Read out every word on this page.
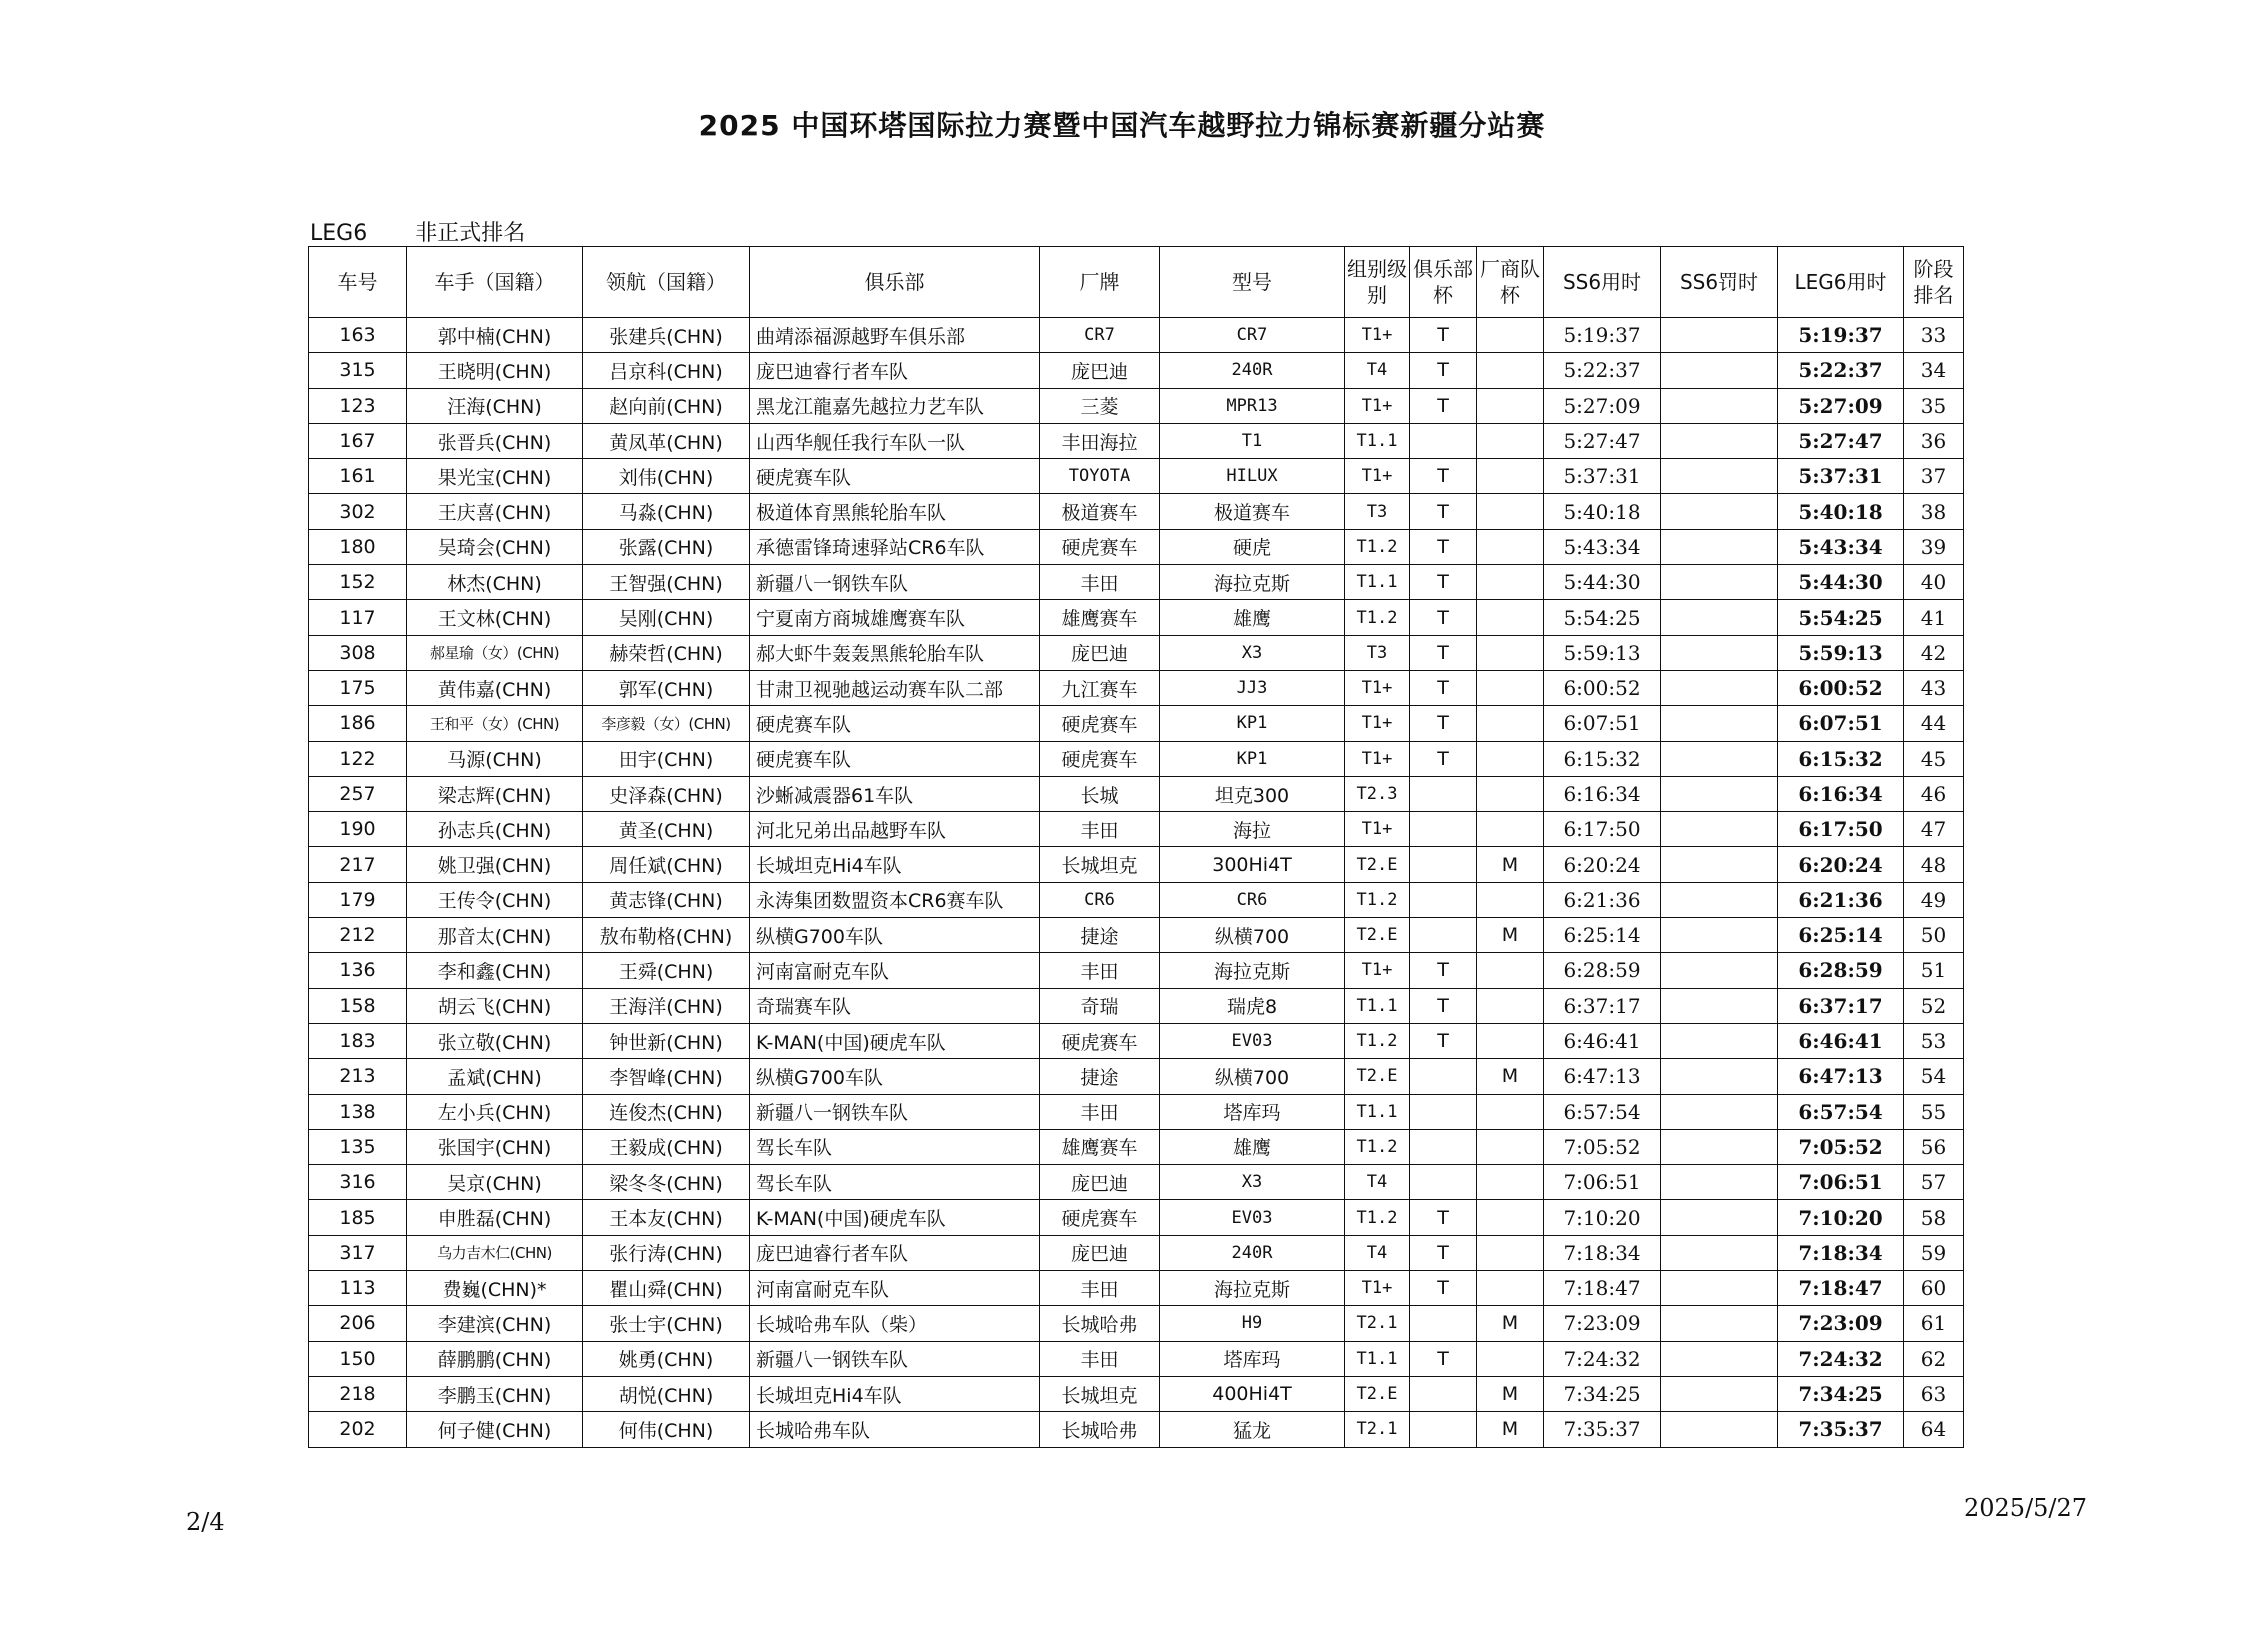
2025 中国环塔国际拉力赛暨中国汽车越野拉力锦标赛新疆分站赛
LEG6 非正式排名
车号	车手（国籍）	领航（国籍）	俱乐部	厂牌	型号	组别级别	俱乐部杯	厂商队杯	SS6用时	SS6罚时	LEG6用时	阶段排名
163	郭中楠(CHN)	张建兵(CHN)	曲靖添福源越野车俱乐部	CR7	CR7	T1+	T		5:19:37		5:19:37	33
315	王晓明(CHN)	吕京科(CHN)	庞巴迪睿行者车队	庞巴迪	240R	T4	T		5:22:37		5:22:37	34
123	汪海(CHN)	赵向前(CHN)	黑龙江龍嘉先越拉力艺车队	三菱	MPR13	T1+	T		5:27:09		5:27:09	35
167	张晋兵(CHN)	黄凤革(CHN)	山西华舰任我行车队一队	丰田海拉	T1	T1.1			5:27:47		5:27:47	36
161	果光宝(CHN)	刘伟(CHN)	硬虎赛车队	TOYOTA	HILUX	T1+	T		5:37:31		5:37:31	37
302	王庆喜(CHN)	马淼(CHN)	极道体育黑熊轮胎车队	极道赛车	极道赛车	T3	T		5:40:18		5:40:18	38
180	吴琦会(CHN)	张露(CHN)	承德雷锋琦速驿站CR6车队	硬虎赛车	硬虎	T1.2	T		5:43:34		5:43:34	39
152	林杰(CHN)	王智强(CHN)	新疆八一钢铁车队	丰田	海拉克斯	T1.1	T		5:44:30		5:44:30	40
117	王文林(CHN)	吴刚(CHN)	宁夏南方商城雄鹰赛车队	雄鹰赛车	雄鹰	T1.2	T		5:54:25		5:54:25	41
308	郝星瑜（女）(CHN)	赫荣哲(CHN)	郝大虾牛轰轰黑熊轮胎车队	庞巴迪	X3	T3	T		5:59:13		5:59:13	42
175	黄伟嘉(CHN)	郭军(CHN)	甘肃卫视驰越运动赛车队二部	九江赛车	JJ3	T1+	T		6:00:52		6:00:52	43
186	王和平（女）(CHN)	李彦毅（女）(CHN)	硬虎赛车队	硬虎赛车	KP1	T1+	T		6:07:51		6:07:51	44
122	马源(CHN)	田宇(CHN)	硬虎赛车队	硬虎赛车	KP1	T1+	T		6:15:32		6:15:32	45
257	梁志辉(CHN)	史泽森(CHN)	沙蜥减震器61车队	长城	坦克300	T2.3			6:16:34		6:16:34	46
190	孙志兵(CHN)	黄圣(CHN)	河北兄弟出品越野车队	丰田	海拉	T1+			6:17:50		6:17:50	47
217	姚卫强(CHN)	周任斌(CHN)	长城坦克Hi4车队	长城坦克	300Hi4T	T2.E		M	6:20:24		6:20:24	48
179	王传令(CHN)	黄志锋(CHN)	永涛集团数盟资本CR6赛车队	CR6	CR6	T1.2			6:21:36		6:21:36	49
212	那音太(CHN)	敖布勒格(CHN)	纵横G700车队	捷途	纵横700	T2.E		M	6:25:14		6:25:14	50
136	李和鑫(CHN)	王舜(CHN)	河南富耐克车队	丰田	海拉克斯	T1+	T		6:28:59		6:28:59	51
158	胡云飞(CHN)	王海洋(CHN)	奇瑞赛车队	奇瑞	瑞虎8	T1.1	T		6:37:17		6:37:17	52
183	张立敬(CHN)	钟世新(CHN)	K-MAN(中国)硬虎车队	硬虎赛车	EV03	T1.2	T		6:46:41		6:46:41	53
213	孟斌(CHN)	李智峰(CHN)	纵横G700车队	捷途	纵横700	T2.E		M	6:47:13		6:47:13	54
138	左小兵(CHN)	连俊杰(CHN)	新疆八一钢铁车队	丰田	塔库玛	T1.1			6:57:54		6:57:54	55
135	张国宇(CHN)	王毅成(CHN)	驾长车队	雄鹰赛车	雄鹰	T1.2			7:05:52		7:05:52	56
316	吴京(CHN)	梁冬冬(CHN)	驾长车队	庞巴迪	X3	T4			7:06:51		7:06:51	57
185	申胜磊(CHN)	王本友(CHN)	K-MAN(中国)硬虎车队	硬虎赛车	EV03	T1.2	T		7:10:20		7:10:20	58
317	乌力吉木仁(CHN)	张行涛(CHN)	庞巴迪睿行者车队	庞巴迪	240R	T4	T		7:18:34		7:18:34	59
113	费巍(CHN)*	瞿山舜(CHN)	河南富耐克车队	丰田	海拉克斯	T1+	T		7:18:47		7:18:47	60
206	李建滨(CHN)	张士宇(CHN)	长城哈弗车队（柴）	长城哈弗	H9	T2.1		M	7:23:09		7:23:09	61
150	薛鹏鹏(CHN)	姚勇(CHN)	新疆八一钢铁车队	丰田	塔库玛	T1.1	T		7:24:32		7:24:32	62
218	李鹏玉(CHN)	胡悦(CHN)	长城坦克Hi4车队	长城坦克	400Hi4T	T2.E		M	7:34:25		7:34:25	63
202	何子健(CHN)	何伟(CHN)	长城哈弗车队	长城哈弗	猛龙	T2.1		M	7:35:37		7:35:37	64
2/4	2025/5/27
